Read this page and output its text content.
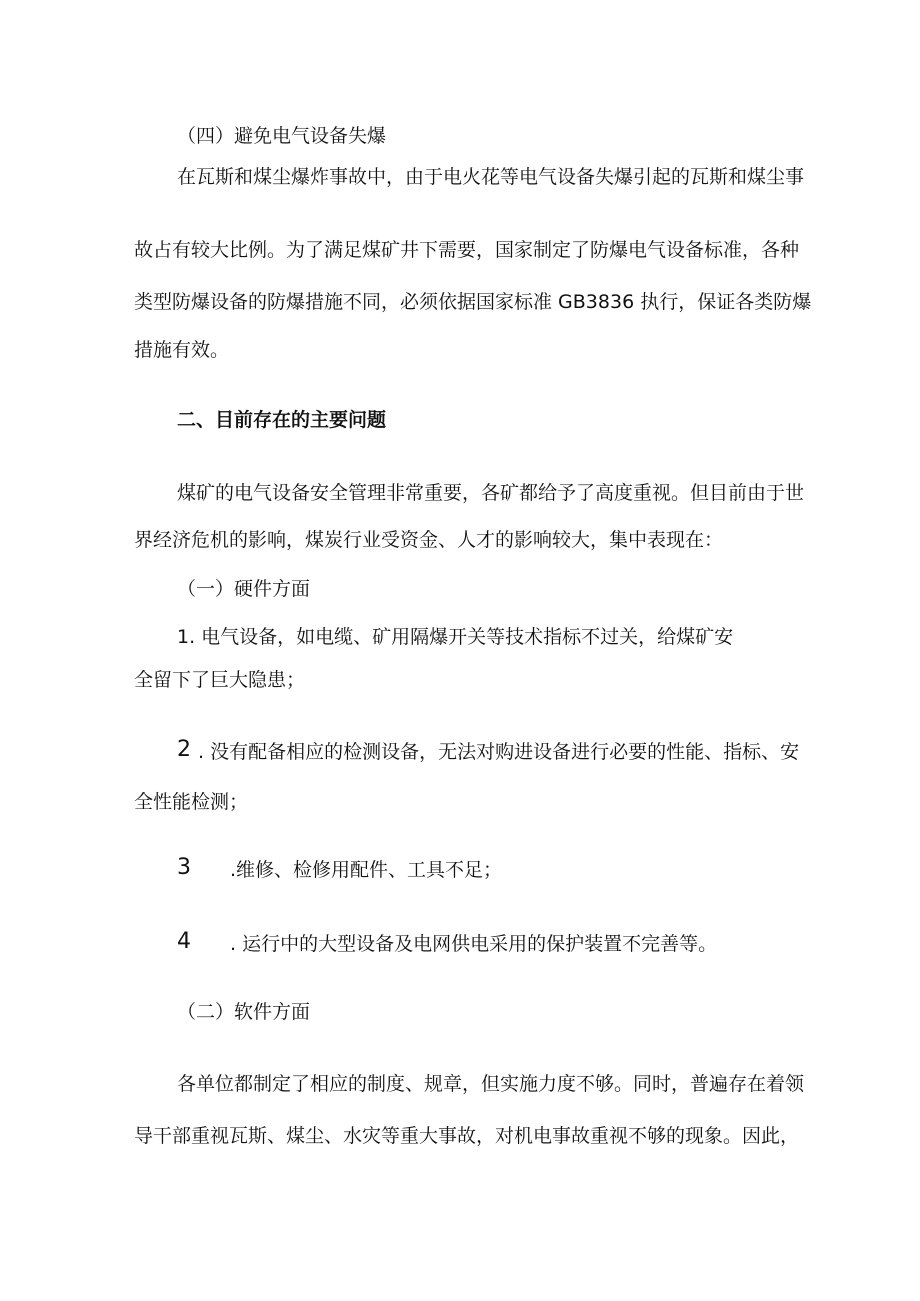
（四）避免电气设备失爆
在瓦斯和煤尘爆炸事故中，由于电火花等电气设备失爆引起的瓦斯和煤尘事
故占有较大比例。为了满足煤矿井下需要，国家制定了防爆电气设备标准，各种
类型防爆设备的防爆措施不同，必须依据国家标准 GB3836 执行，保证各类防爆
措施有效。
二、目前存在的主要问题
煤矿的电气设备安全管理非常重要，各矿都给予了高度重视。但目前由于世
界经济危机的影响，煤炭行业受资金、人才的影响较大，集中表现在：
（一）硬件方面
1. 电气设备，如电缆、矿用隔爆开关等技术指标不过关，给煤矿安
全留下了巨大隐患；
2 . 没有配备相应的检测设备，无法对购进设备进行必要的性能、指标、安
全性能检测；
3 .维修、检修用配件、工具不足；
4 . 运行中的大型设备及电网供电采用的保护装置不完善等。
（二）软件方面
各单位都制定了相应的制度、规章，但实施力度不够。同时，普遍存在着领
导干部重视瓦斯、煤尘、水灾等重大事故，对机电事故重视不够的现象。因此，
